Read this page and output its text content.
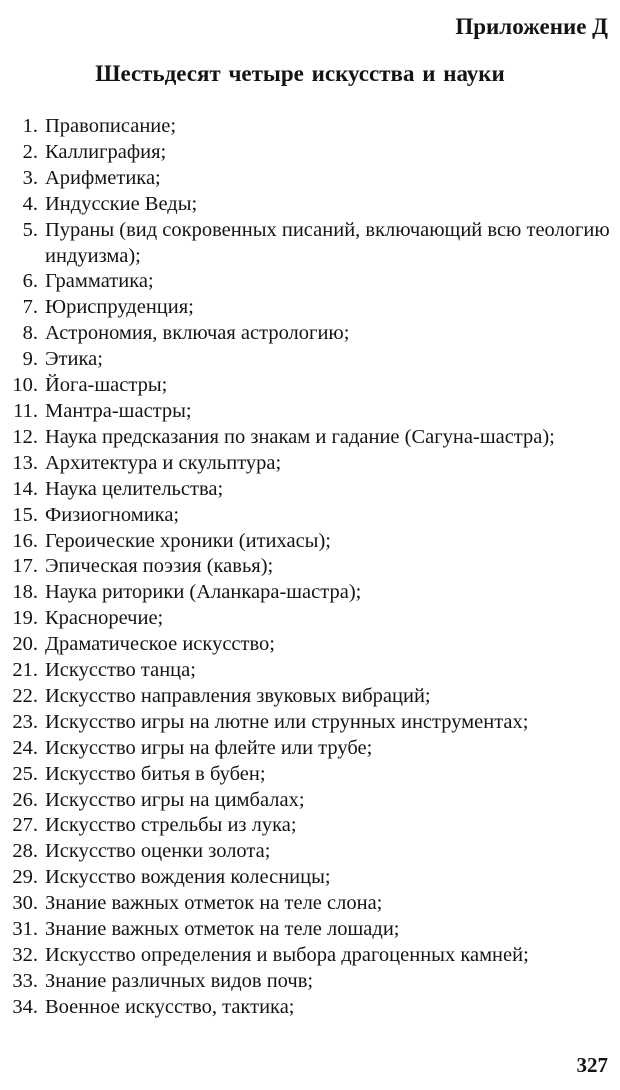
Приложение Д
Шестьдесят четыре искусства и науки
1. Правописание;
2. Каллиграфия;
3. Арифметика;
4. Индусские Веды;
5. Пураны (вид сокровенных писаний, включающий всю теологию индуизма);
6. Грамматика;
7. Юриспруденция;
8. Астрономия, включая астрологию;
9. Этика;
10. Йога-шастры;
11. Мантра-шастры;
12. Наука предсказания по знакам и гадание (Сагуна-шастра);
13. Архитектура и скульптура;
14. Наука целительства;
15. Физиогномика;
16. Героические хроники (итихасы);
17. Эпическая поэзия (кавья);
18. Наука риторики (Аланкара-шастра);
19. Красноречие;
20. Драматическое искусство;
21. Искусство танца;
22. Искусство направления звуковых вибраций;
23. Искусство игры на лютне или струнных инструментах;
24. Искусство игры на флейте или трубе;
25. Искусство битья в бубен;
26. Искусство игры на цимбалах;
27. Искусство стрельбы из лука;
28. Искусство оценки золота;
29. Искусство вождения колесницы;
30. Знание важных отметок на теле слона;
31. Знание важных отметок на теле лошади;
32. Искусство определения и выбора драгоценных камней;
33. Знание различных видов почв;
34. Военное искусство, тактика;
327
